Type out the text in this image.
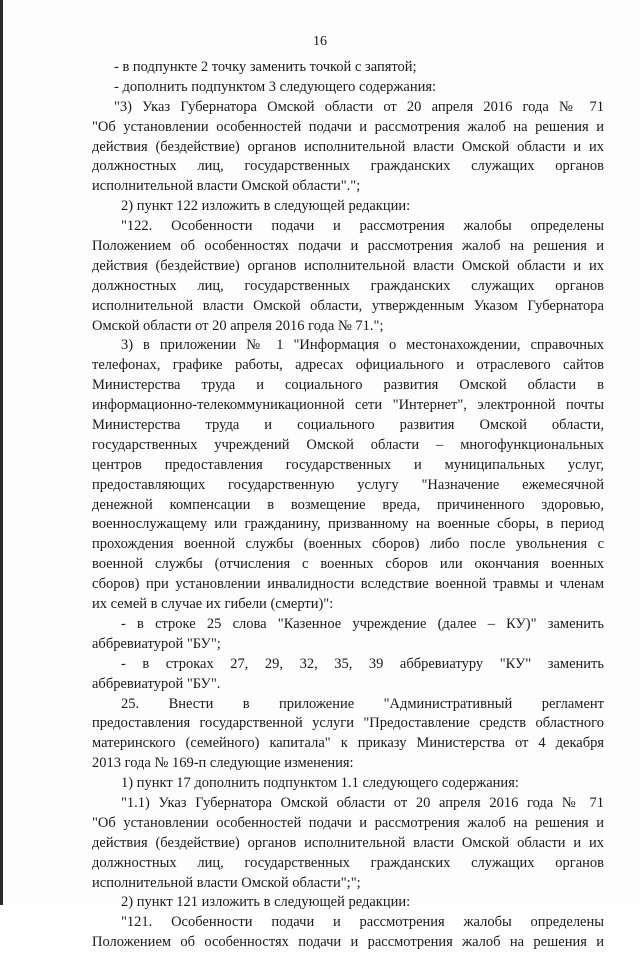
16
- в подпункте 2 точку заменить точкой с запятой;
- дополнить подпунктом 3 следующего содержания:
"3) Указ Губернатора Омской области от 20 апреля 2016 года № 71
"Об установлении особенностей подачи и рассмотрения жалоб на решения и
действия (бездействие) органов исполнительной власти Омской области и их
должностных лиц, государственных гражданских служащих органов
исполнительной власти Омской области".";
2) пункт 122 изложить в следующей редакции:
"122. Особенности подачи и рассмотрения жалобы определены
Положением об особенностях подачи и рассмотрения жалоб на решения и
действия (бездействие) органов исполнительной власти Омской области и их
должностных лиц, государственных гражданских служащих органов
исполнительной власти Омской области, утвержденным Указом Губернатора
Омской области от 20 апреля 2016 года № 71.";
3) в приложении № 1 "Информация о местонахождении, справочных
телефонах, графике работы, адресах официального и отраслевого сайтов
Министерства труда и социального развития Омской области в
информационно-телекоммуникационной сети "Интернет", электронной почты
Министерства труда и социального развития Омской области,
государственных учреждений Омской области – многофункциональных
центров предоставления государственных и муниципальных услуг,
предоставляющих государственную услугу "Назначение ежемесячной
денежной компенсации в возмещение вреда, причиненного здоровью,
военнослужащему или гражданину, призванному на военные сборы, в период
прохождения военной службы (военных сборов) либо после увольнения с
военной службы (отчисления с военных сборов или окончания военных
сборов) при установлении инвалидности вследствие военной травмы и членам
их семей в случае их гибели (смерти)":
- в строке 25 слова "Казенное учреждение (далее – КУ)" заменить
аббревиатурой "БУ";
- в строках 27, 29, 32, 35, 39 аббревиатуру "КУ" заменить
аббревиатурой "БУ".
25. Внести в приложение "Административный регламент
предоставления государственной услуги "Предоставление средств областного
материнского (семейного) капитала" к приказу Министерства от 4 декабря
2013 года № 169-п следующие изменения:
1) пункт 17 дополнить подпунктом 1.1 следующего содержания:
"1.1) Указ Губернатора Омской области от 20 апреля 2016 года № 71
"Об установлении особенностей подачи и рассмотрения жалоб на решения и
действия (бездействие) органов исполнительной власти Омской области и их
должностных лиц, государственных гражданских служащих органов
исполнительной власти Омской области";";
2) пункт 121 изложить в следующей редакции:
"121. Особенности подачи и рассмотрения жалобы определены
Положением об особенностях подачи и рассмотрения жалоб на решения и
